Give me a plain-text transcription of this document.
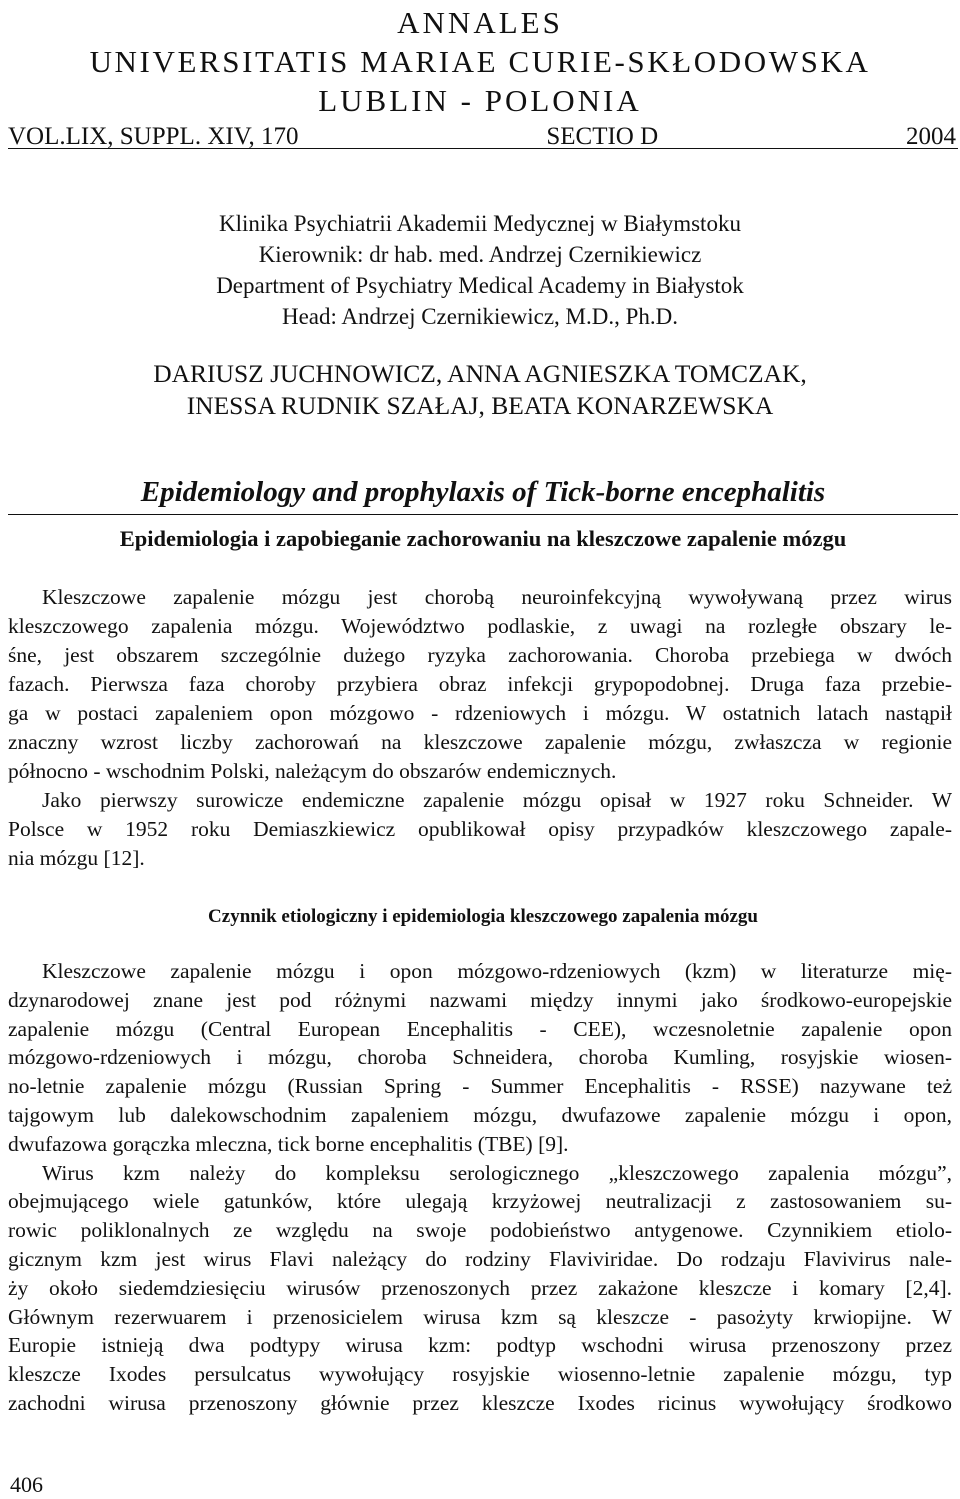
ANNALES
UNIVERSITATIS MARIAE CURIE-SKŁODOWSKA
LUBLIN - POLONIA
VOL.LIX, SUPPL. XIV, 170	SECTIO D	2004
Klinika Psychiatrii Akademii Medycznej w Białymstoku
Kierownik: dr hab. med. Andrzej Czernikiewicz
Department of Psychiatry Medical Academy in Białystok
Head: Andrzej Czernikiewicz, M.D., Ph.D.
DARIUSZ JUCHNOWICZ, ANNA AGNIESZKA TOMCZAK,
INESSA RUDNIK SZAŁAJ, BEATA KONARZEWSKA
Epidemiology and prophylaxis of Tick-borne encephalitis
Epidemiologia i zapobieganie zachorowaniu na kleszczowe zapalenie mózgu
Kleszczowe zapalenie mózgu jest chorobą neuroinfekcyjną wywoływaną przez wirus
kleszczowego zapalenia mózgu. Województwo podlaskie, z uwagi na rozległe obszary le-
śne, jest obszarem szczególnie dużego ryzyka zachorowania. Choroba przebiega w dwóch
fazach. Pierwsza faza choroby przybiera obraz infekcji grypopodobnej. Druga faza przebie-
ga w postaci zapaleniem opon mózgowo - rdzeniowych i mózgu. W ostatnich latach nastąpił
znaczny wzrost liczby zachorowań na kleszczowe zapalenie mózgu, zwłaszcza w regionie
północno - wschodnim Polski, należącym do obszarów endemicznych.
Jako pierwszy surowicze endemiczne zapalenie mózgu opisał w 1927 roku Schneider. W
Polsce w 1952 roku Demiaszkiewicz opublikował opisy przypadków kleszczowego zapale-
nia mózgu [12].
Czynnik etiologiczny i epidemiologia kleszczowego zapalenia mózgu
Kleszczowe zapalenie mózgu i opon mózgowo-rdzeniowych (kzm) w literaturze mię-
dzynarodowej znane jest pod różnymi nazwami między innymi jako środkowo-europejskie
zapalenie mózgu (Central European Encephalitis - CEE), wczesnoletnie zapalenie opon
mózgowo-rdzeniowych i mózgu, choroba Schneidera, choroba Kumling, rosyjskie wiosen-
no-letnie zapalenie mózgu (Russian Spring - Summer Encephalitis - RSSE) nazywane też
tajgowym lub dalekowschodnim zapaleniem mózgu, dwufazowe zapalenie mózgu i opon,
dwufazowa gorączka mleczna, tick borne encephalitis (TBE) [9].
Wirus kzm należy do kompleksu serologicznego „kleszczowego zapalenia mózgu”,
obejmującego wiele gatunków, które ulegają krzyżowej neutralizacji z zastosowaniem su-
rowic poliklonalnych ze względu na swoje podobieństwo antygenowe. Czynnikiem etiolo-
gicznym kzm jest wirus Flavi należący do rodziny Flaviviridae. Do rodzaju Flavivirus nale-
ży około siedemdziesięciu wirusów przenoszonych przez zakażone kleszcze i komary [2,4].
Głównym rezerwuarem i przenosicielem wirusa kzm są kleszcze - pasożyty krwiopijne. W
Europie istnieją dwa podtypy wirusa kzm: podtyp wschodni wirusa przenoszony przez
kleszcze Ixodes persulcatus wywołujący rosyjskie wiosenno-letnie zapalenie mózgu, typ
zachodni wirusa przenoszony głównie przez kleszcze Ixodes ricinus wywołujący środkowo
406
